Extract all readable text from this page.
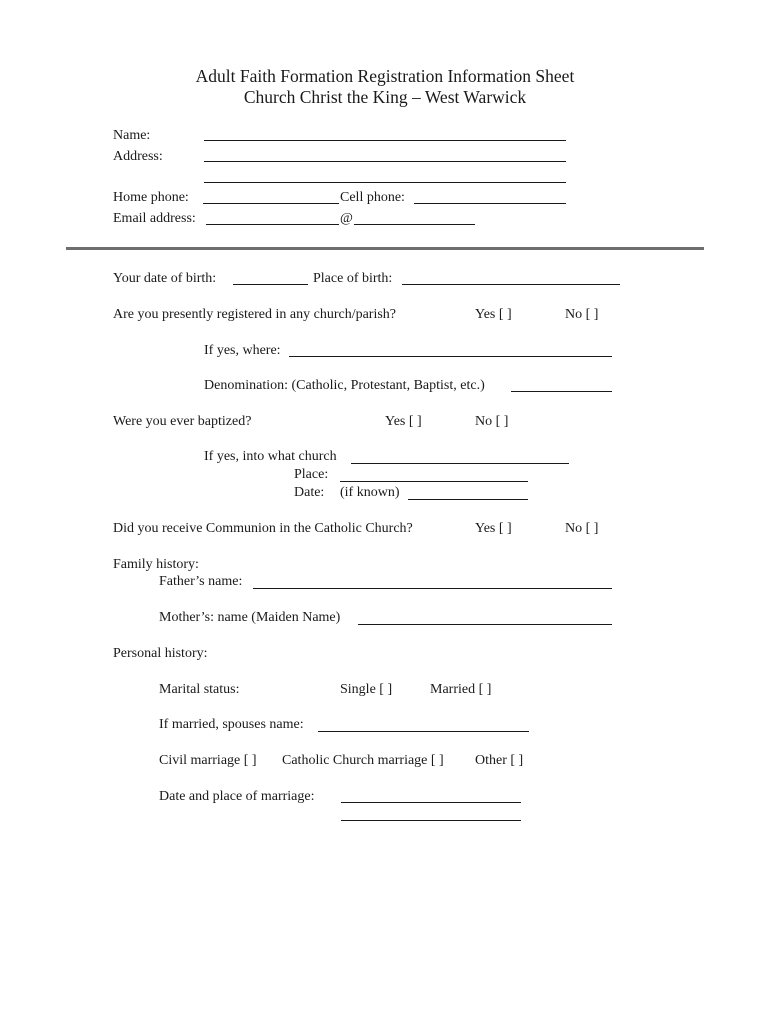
Adult Faith Formation Registration Information Sheet
Church Christ the King – West Warwick
Name:
Address:
Home phone:	Cell phone:
Email address:	@
Your date of birth:	Place of birth:
Are you presently registered in any church/parish?	Yes [ ]	No [ ]
If yes, where:
Denomination: (Catholic, Protestant, Baptist, etc.)
Were you ever baptized?	Yes [ ]	No [ ]
If yes, into what church
Place:
Date: (if known)
Did you receive Communion in the Catholic Church?	Yes [ ]	No [ ]
Family history:
Father’s name:
Mother’s: name (Maiden Name)
Personal history:
Marital status:	Single [ ]	Married [ ]
If married, spouses name:
Civil marriage [ ] Catholic Church marriage [ ] Other [ ]
Date and place of marriage:
